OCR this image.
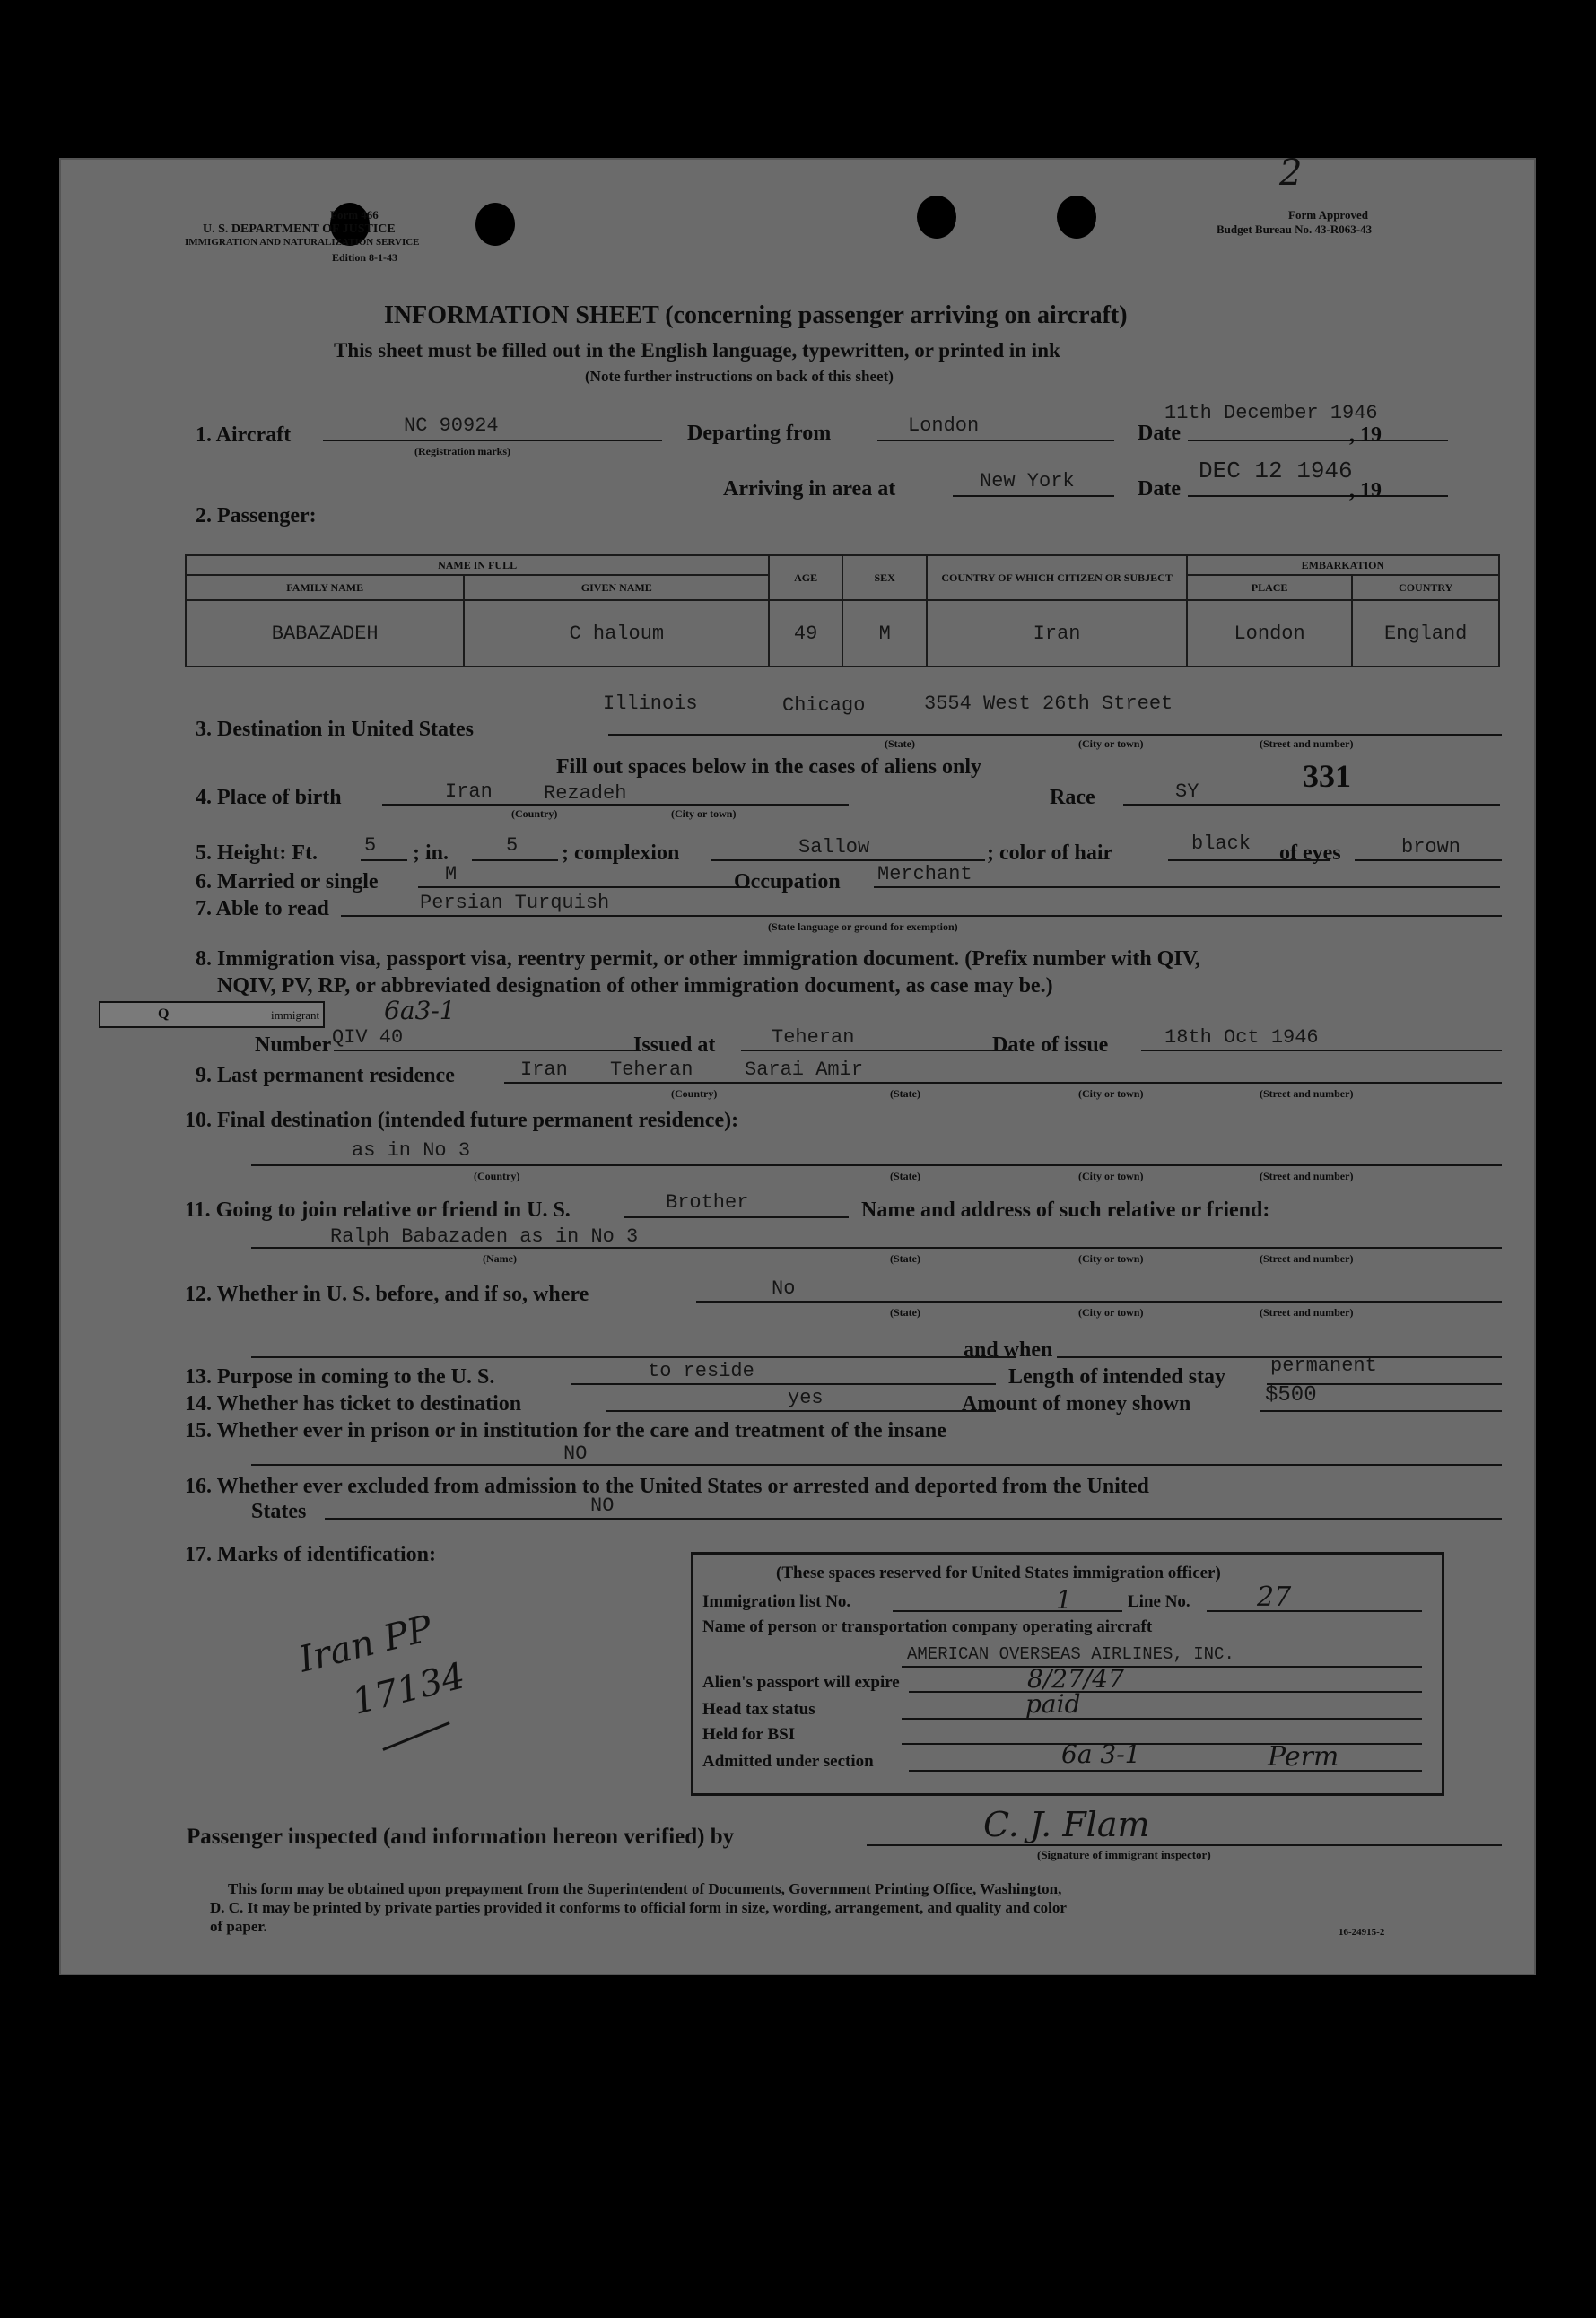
Form 466
U. S. DEPARTMENT OF JUSTICE
IMMIGRATION AND NATURALIZATION SERVICE
Edition 8-1-43
Form Approved
Budget Bureau No. 43-R063-43
2
INFORMATION SHEET (concerning passenger arriving on aircraft)
This sheet must be filled out in the English language, typewritten, or printed in ink
(Note further instructions on back of this sheet)
1. Aircraft	NC 90924
(Registration marks)
Departing from	London	Date
11th December 1946
, 19
Arriving in area at	New York	Date
DEC 12 1946
, 19
2. Passenger:
NAME IN FULL		AGE	SEX	COUNTRY OF WHICH CITIZEN OR SUBJECT	EMBARKATION	
FAMILY NAME	GIVEN NAME				PLACE	COUNTRY
BABAZADEH	C haloum	49	M	Iran	London	England
3. Destination in United States
Illinois	Chicago	3554 West 26th Street
(State)	(City or town)	(Street and number)
Fill out spaces below in the cases of aliens only	331
4. Place of birth	Iran	Rezadeh
(Country)	(City or town)
Race	SY
5. Height: Ft. 5 ; in.	5 ; complexion	Sallow	; color of hair	black of eyes	brown
6. Married or single	M	Occupation Merchant
7. Able to read	Persian Turquish
(State language or ground for exemption)
8. Immigration visa, passport visa, reentry permit, or other immigration document. (Prefix number with QIV,
NQIV, PV, RP, or abbreviated designation of other immigration document, as case may be.)
Q	immigrant	6a3-1
Number QIV 40	Issued at	Teheran	Date of issue	18th Oct 1946
9. Last permanent residence	Iran Teheran	Sarai Amir
(Country)	(State)	(City or town)	(Street and number)
10. Final destination (intended future permanent residence):
as in No 3
(Country)	(State)	(City or town)	(Street and number)
11. Going to join relative or friend in U. S.	Brother	Name and address of such relative or friend:
Ralph Babazaden as in No 3
(Name)	(State)	(City or town)	(Street and number)
12. Whether in U. S. before, and if so, where	No
(State)	(City or town)	(Street and number)
and when
13. Purpose in coming to the U. S.	to reside	Length of intended stay permanent
14. Whether has ticket to destination	yes	Amount of money shown	$500
15. Whether ever in prison or in institution for the care and treatment of the insane
NO
16. Whether ever excluded from admission to the United States or arrested and deported from the United
States	NO
17. Marks of identification:
Iran PP
17134
(These spaces reserved for United States immigration officer)
Immigration list No.	1	Line No. 27
Name of person or transportation company operating aircraft
AMERICAN OVERSEAS AIRLINES, INC.
Alien's passport will expire	8/27/47
Head tax status	paid
Held for BSI
Admitted under section	6a 3-1	Perm
Passenger inspected (and information hereon verified) by	C. J. Flam
(Signature of immigrant inspector)
This form may be obtained upon prepayment from the Superintendent of Documents, Government Printing Office, Washington,
D. C. It may be printed by private parties provided it conforms to official form in size, wording, arrangement, and quality and color
of paper.	16-24915-2
